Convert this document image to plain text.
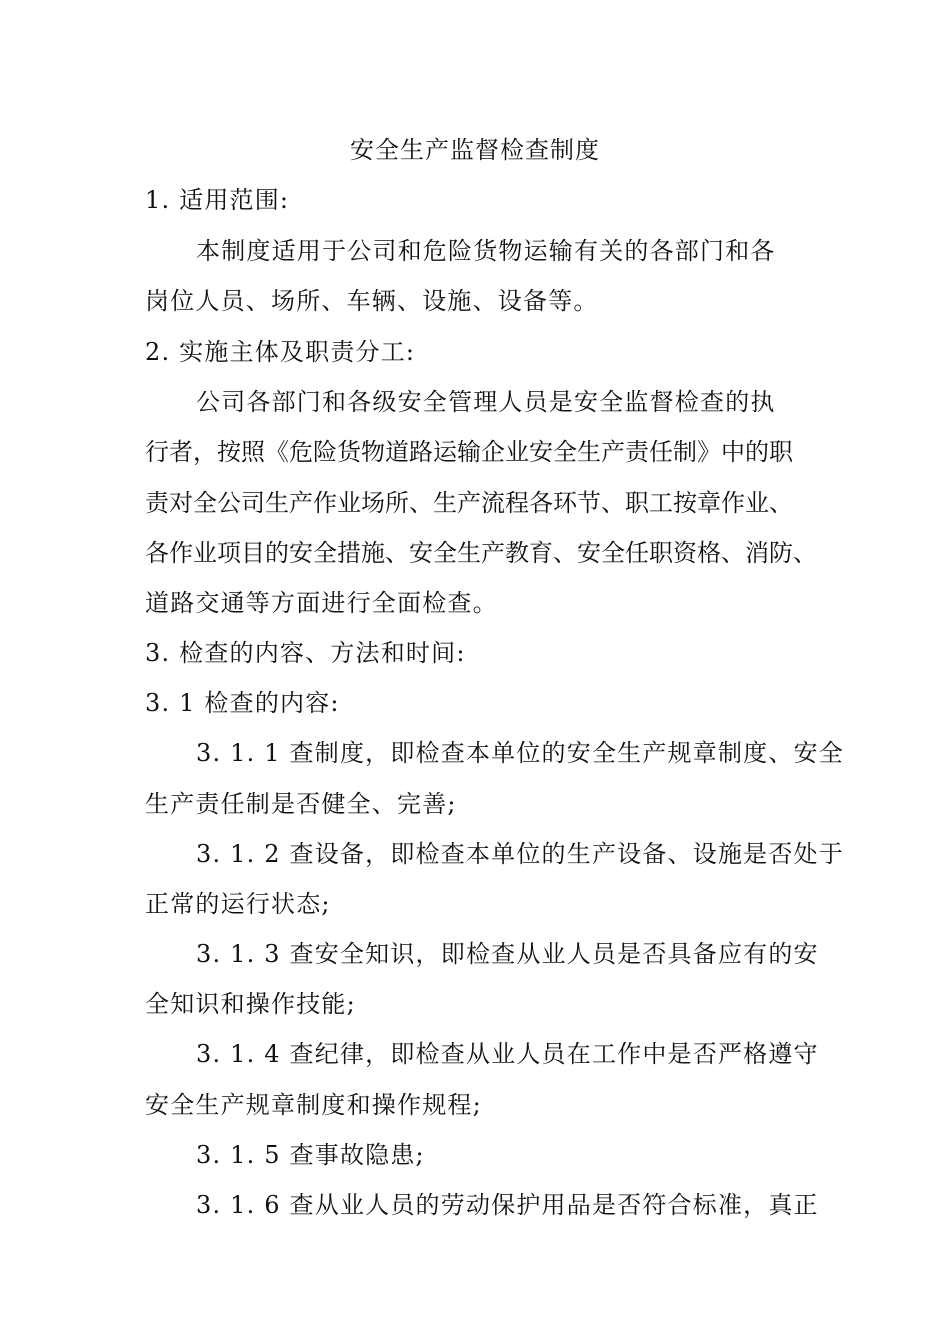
安全生产监督检查制度
1. 适用范围:
本制度适用于公司和危险货物运输有关的各部门和各
岗位人员、场所、车辆、设施、设备等。
2. 实施主体及职责分工:
公司各部门和各级安全管理人员是安全监督检查的执
行者，按照《危险货物道路运输企业安全生产责任制》中的职
责对全公司生产作业场所、生产流程各环节、职工按章作业、
各作业项目的安全措施、安全生产教育、安全任职资格、消防、
道路交通等方面进行全面检查。
3. 检查的内容、方法和时间:
3. 1 检查的内容:
3. 1. 1 查制度，即检查本单位的安全生产规章制度、安全
生产责任制是否健全、完善;
3. 1. 2 查设备，即检查本单位的生产设备、设施是否处于
正常的运行状态;
3. 1. 3 查安全知识，即检查从业人员是否具备应有的安
全知识和操作技能;
3. 1. 4 查纪律，即检查从业人员在工作中是否严格遵守
安全生产规章制度和操作规程;
3. 1. 5 查事故隐患;
3. 1. 6 查从业人员的劳动保护用品是否符合标准，真正
